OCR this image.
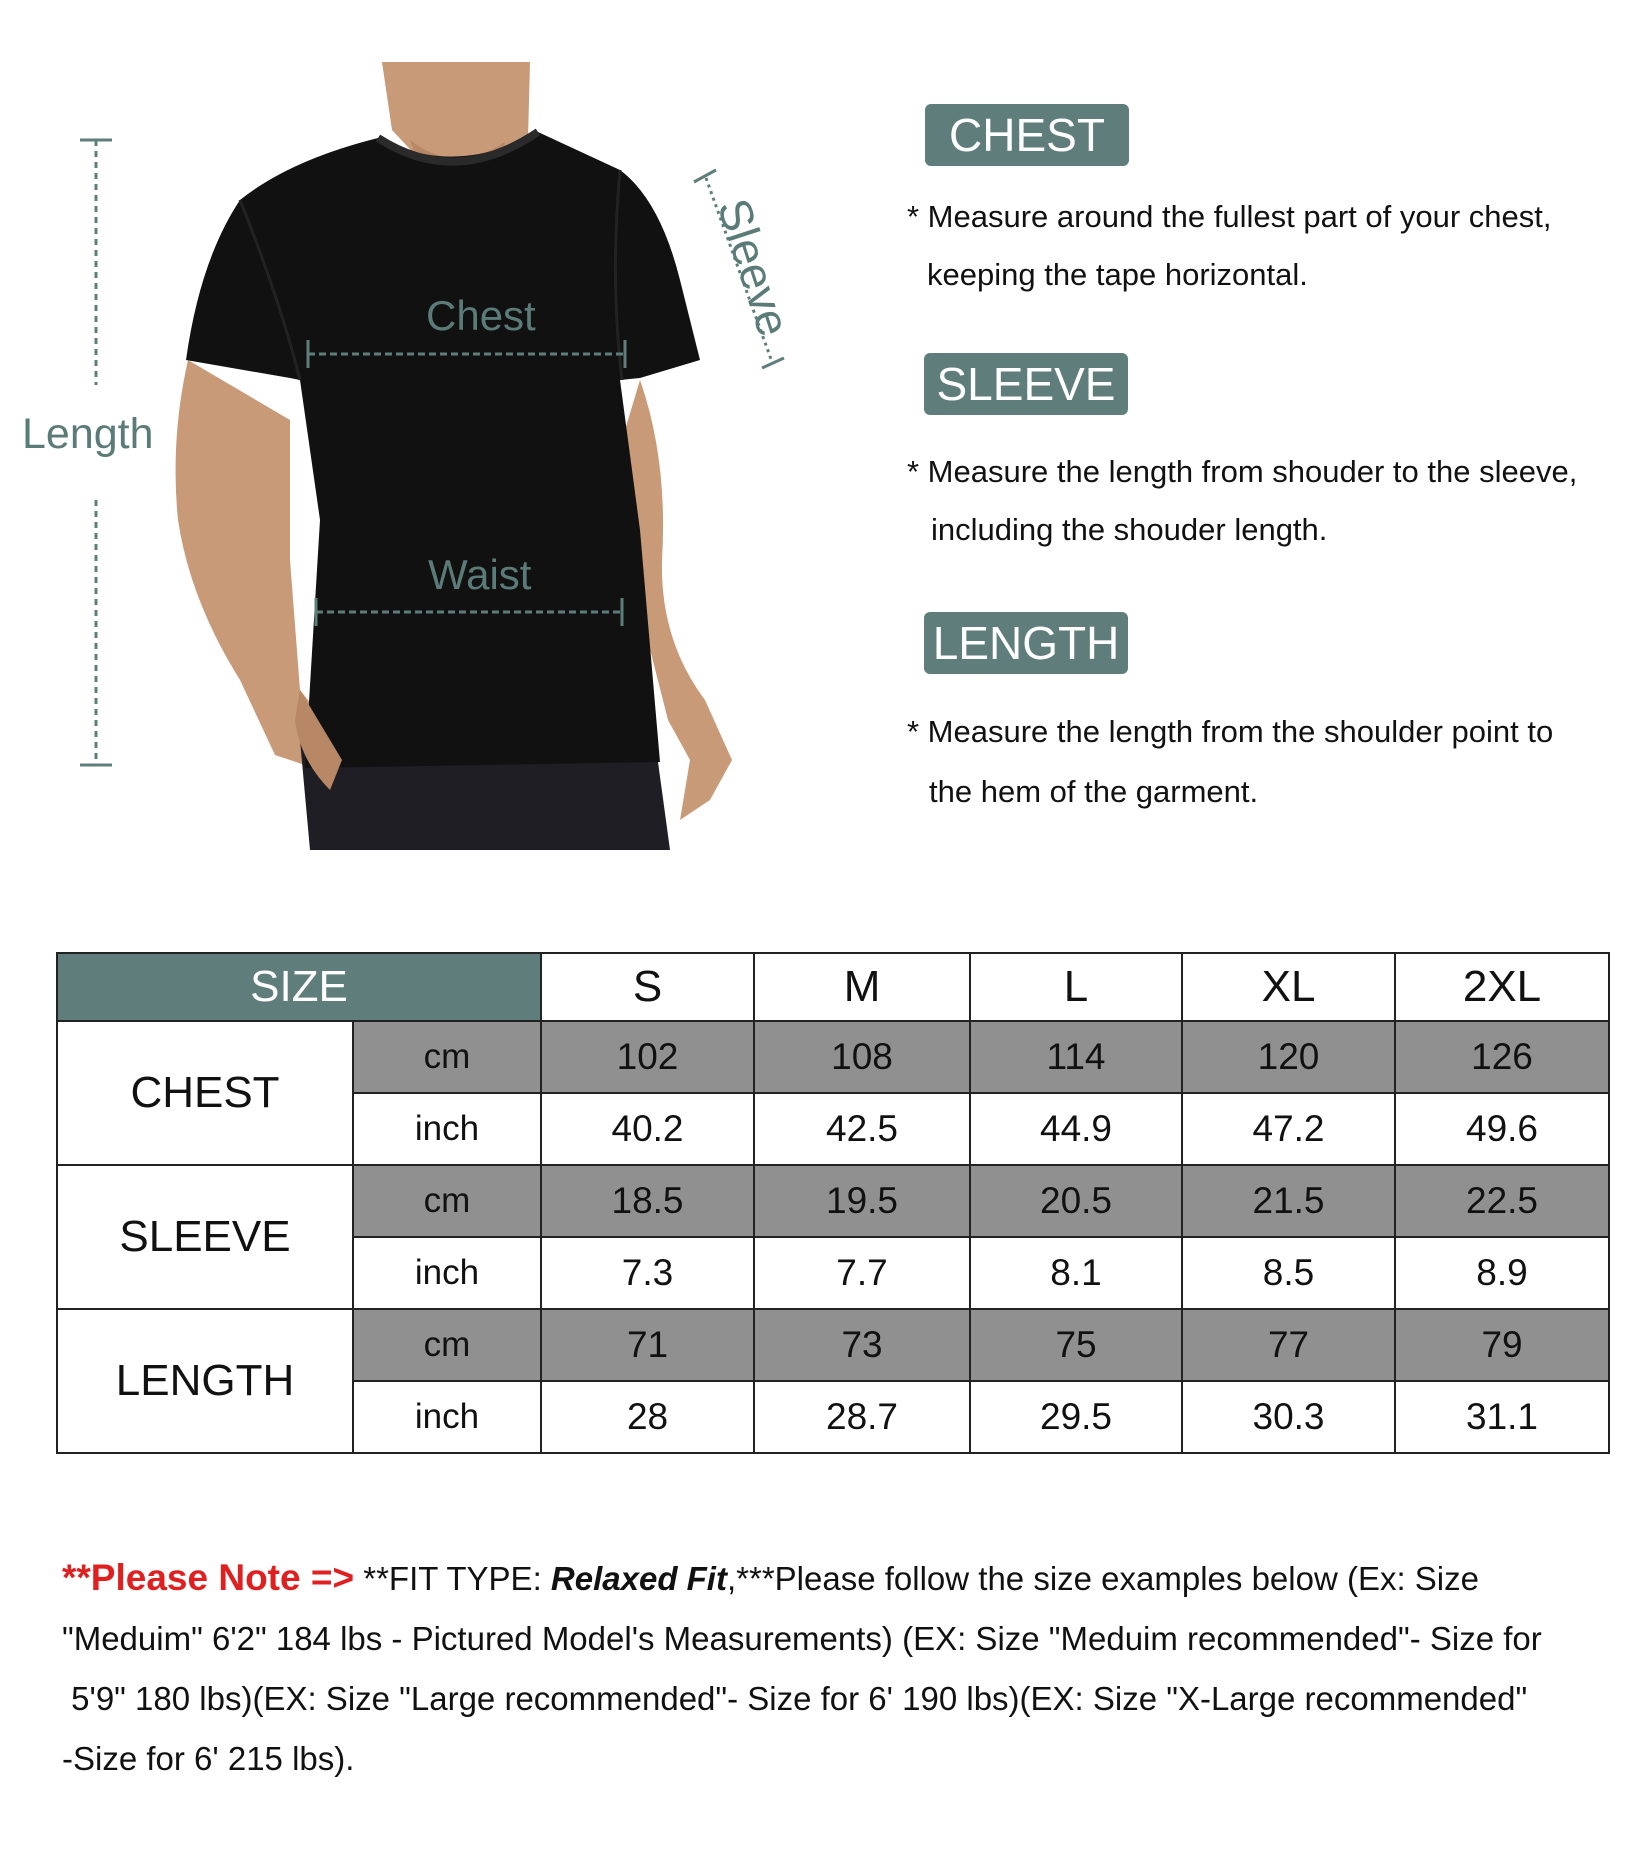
Length
Chest
Waist
Sleeve
CHEST
* Measure around the fullest part of your chest,
keeping the tape horizontal.
SLEEVE
* Measure the length from shouder to the sleeve,
including the shouder length.
LENGTH
* Measure the length from the shoulder point to
the hem of the garment.
SIZE		S	M	L	XL	2XL
CHEST	cm	102	108	114	120	126
	inch	40.2	42.5	44.9	47.2	49.6
SLEEVE	cm	18.5	19.5	20.5	21.5	22.5
	inch	7.3	7.7	8.1	8.5	8.9
LENGTH	cm	71	73	75	77	79
	inch	28	28.7	29.5	30.3	31.1
**Please Note => **FIT TYPE: Relaxed Fit,***Please follow the size examples below (Ex: Size
"Meduim" 6'2" 184 lbs - Pictured Model's Measurements) (EX: Size "Meduim recommended"- Size for
5'9" 180 lbs)(EX: Size "Large recommended"- Size for 6' 190 lbs)(EX: Size "X-Large recommended"
-Size for 6' 215 lbs).
